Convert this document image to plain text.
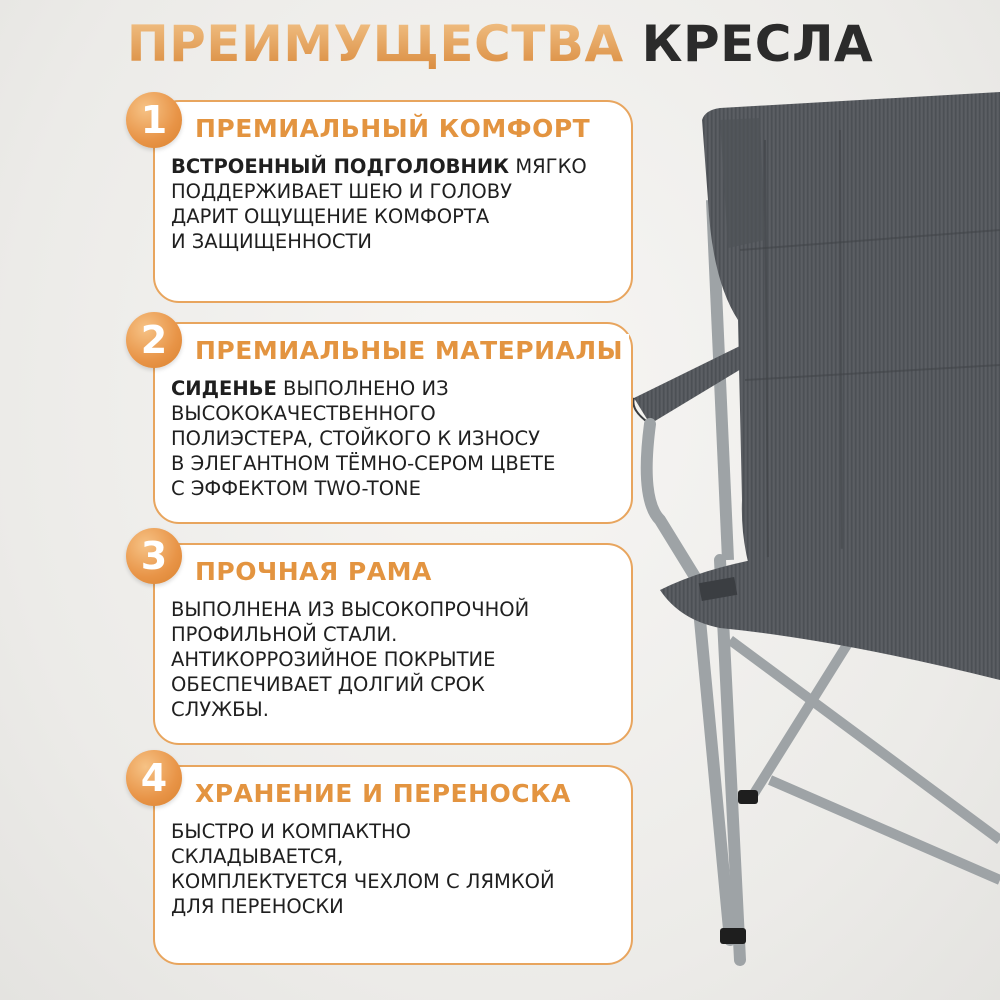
ПРЕИМУЩЕСТВА КРЕСЛА
ПРЕМИАЛЬНЫЙ КОМФОРТ
ВСТРОЕННЫЙ ПОДГОЛОВНИК МЯГКО
ПОДДЕРЖИВАЕТ ШЕЮ И ГОЛОВУ
ДАРИТ ОЩУЩЕНИЕ КОМФОРТА
И ЗАЩИЩЕННОСТИ
1
ПРЕМИАЛЬНЫЕ МАТЕРИАЛЫ
СИДЕНЬЕ ВЫПОЛНЕНО ИЗ
ВЫСОКОКАЧЕСТВЕННОГО
ПОЛИЭСТЕРА, СТОЙКОГО К ИЗНОСУ
В ЭЛЕГАНТНОМ ТЁМНО-СЕРОМ ЦВЕТЕ
С ЭФФЕКТОМ TWO-TONE
2
ПРОЧНАЯ РАМА
ВЫПОЛНЕНА ИЗ ВЫСОКОПРОЧНОЙ
ПРОФИЛЬНОЙ СТАЛИ.
АНТИКОРРОЗИЙНОЕ ПОКРЫТИЕ
ОБЕСПЕЧИВАЕТ ДОЛГИЙ СРОК
СЛУЖБЫ.
3
ХРАНЕНИЕ И ПЕРЕНОСКА
БЫСТРО И КОМПАКТНО
СКЛАДЫВАЕТСЯ,
КОМПЛЕКТУЕТСЯ ЧЕХЛОМ С ЛЯМКОЙ
ДЛЯ ПЕРЕНОСКИ
4
